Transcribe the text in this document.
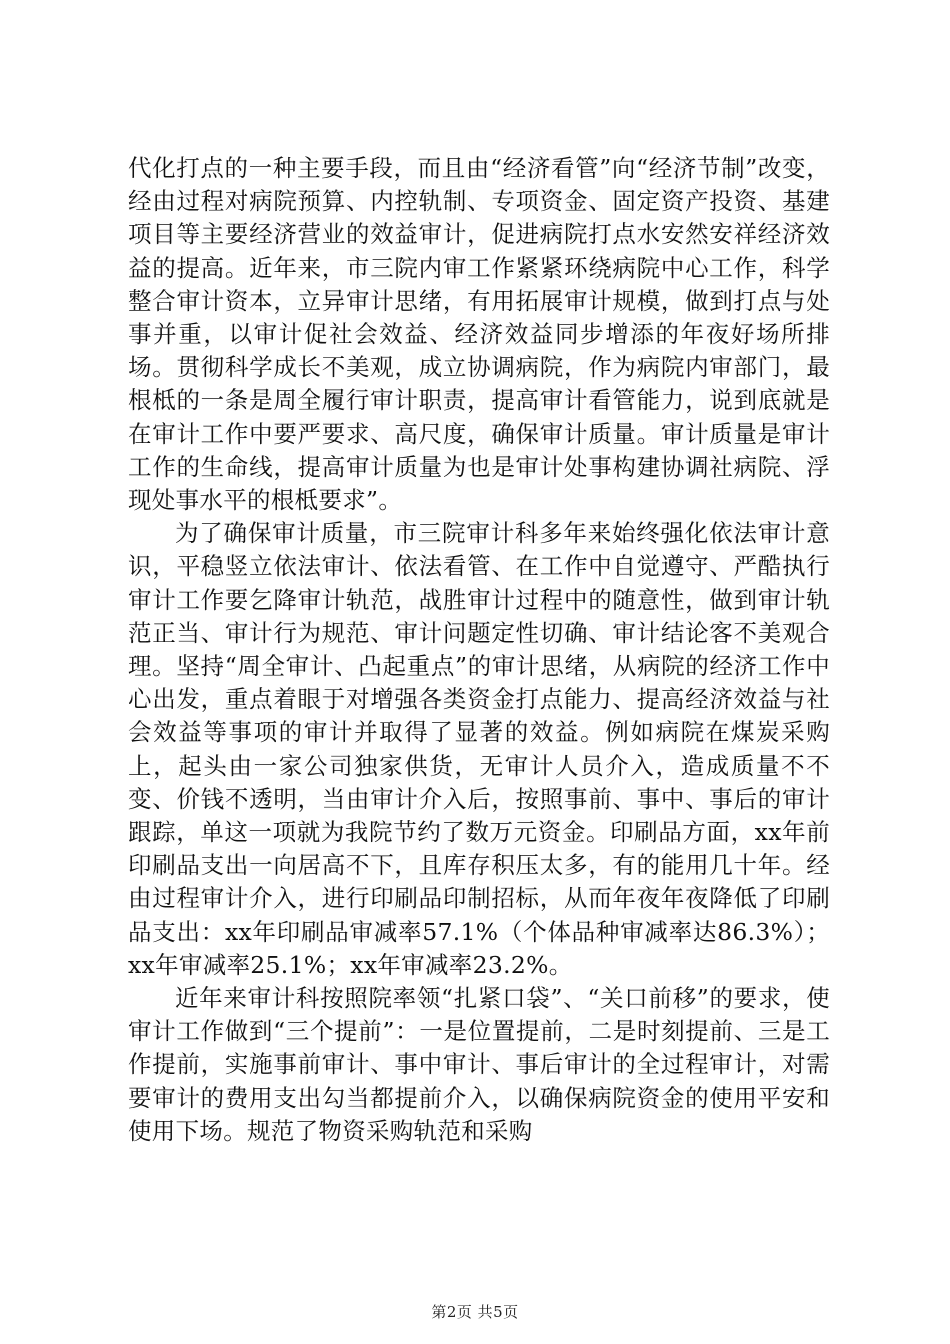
代化打点的一种主要手段，而且由“经济看管”向“经济节制”改变，经由过程对病院预算、内控轨制、专项资金、固定资产投资、基建项目等主要经济营业的效益审计，促进病院打点水安然安祥经济效益的提高。近年来，市三院内审工作紧紧环绕病院中心工作，科学整合审计资本，立异审计思绪，有用拓展审计规模，做到打点与处事并重，以审计促社会效益、经济效益同步增添的年夜好场所排场。贯彻科学成长不美观，成立协调病院，作为病院内审部门，最根柢的一条是周全履行审计职责，提高审计看管能力，说到底就是在审计工作中要严要求、高尺度，确保审计质量。审计质量是审计工作的生命线，提高审计质量为也是审计处事构建协调社病院、浮现处事水平的根柢要求”。

为了确保审计质量，市三院审计科多年来始终强化依法审计意识，平稳竖立依法审计、依法看管、在工作中自觉遵守、严酷执行审计工作要乞降审计轨范，战胜审计过程中的随意性，做到审计轨范正当、审计行为规范、审计问题定性切确、审计结论客不美观合理。坚持“周全审计、凸起重点”的审计思绪，从病院的经济工作中心出发，重点着眼于对增强各类资金打点能力、提高经济效益与社会效益等事项的审计并取得了显著的效益。例如病院在煤炭采购上，起头由一家公司独家供货，无审计人员介入，造成质量不不变、价钱不透明，当由审计介入后，按照事前、事中、事后的审计跟踪，单这一项就为我院节约了数万元资金。印刷品方面，xx年前印刷品支出一向居高不下，且库存积压太多，有的能用几十年。经由过程审计介入，进行印刷品印制招标，从而年夜年夜降低了印刷品支出：xx年印刷品审减率57.1%（个体品种审减率达86.3%）；xx年审减率25.1%；xx年审减率23.2%。

近年来审计科按照院率领“扎紧口袋”、“关口前移”的要求，使审计工作做到“三个提前”：一是位置提前，二是时刻提前、三是工作提前，实施事前审计、事中审计、事后审计的全过程审计，对需要审计的费用支出勾当都提前介入，以确保病院资金的使用平安和使用下场。规范了物资采购轨范和采购

第2页 共5页
